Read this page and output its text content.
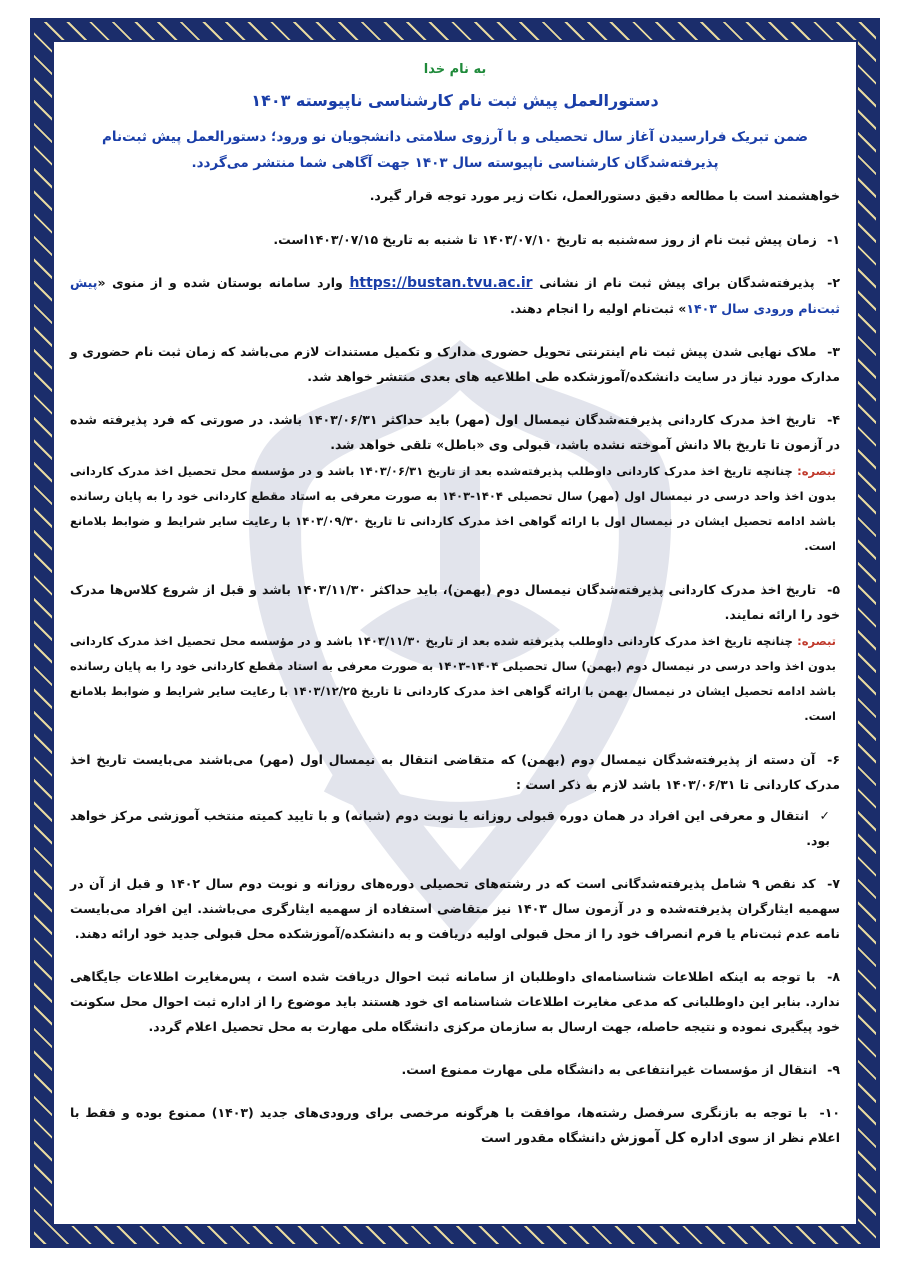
به نام خدا
دستورالعمل پیش ثبت نام کارشناسی ناپیوسته ۱۴۰۳
ضمن تبریک فرارسیدن آغاز سال تحصیلی و با آرزوی سلامتی دانشجویان نو ورود؛ دستورالعمل پیش ثبت‌نام پذیرفته‌شدگان کارشناسی ناپیوسته سال ۱۴۰۳ جهت آگاهی شما منتشر می‌گردد.
خواهشمند است با مطالعه دقیق دستورالعمل، نکات زیر مورد توجه قرار گیرد.
۱- زمان پیش ثبت نام از روز سه‌شنبه به تاریخ ۱۴۰۳/۰۷/۱۰ تا شنبه به تاریخ ۱۴۰۳/۰۷/۱۵است.
۲- پذیرفته‌شدگان برای پیش ثبت نام از نشانی https://bustan.tvu.ac.ir وارد سامانه بوستان شده و از منوی «پیش ثبت‌نام ورودی سال ۱۴۰۳» ثبت‌نام اولیه را انجام دهند.
۳- ملاک نهایی شدن پیش ثبت نام اینترنتی تحویل حضوری مدارک و تکمیل مستندات لازم می‌باشد که زمان ثبت نام حضوری و مدارک مورد نیاز در سایت دانشکده/آموزشکده طی اطلاعیه های بعدی منتشر خواهد شد.
۴- تاریخ اخذ مدرک کاردانی پذیرفته‌شدگان نیمسال اول (مهر) باید حداکثر ۱۴۰۳/۰۶/۳۱ باشد. در صورتی که فرد پذیرفته شده در آزمون تا تاریخ بالا دانش آموخته نشده باشد، قبولی وی «باطل» تلقی خواهد شد.
تبصره: چنانچه تاریخ اخذ مدرک کاردانی داوطلب پذیرفته‌شده بعد از تاریخ ۱۴۰۳/۰۶/۳۱ باشد و در مؤسسه محل تحصیل اخذ مدرک کاردانی بدون اخذ واحد درسی در نیمسال اول (مهر) سال تحصیلی ۱۴۰۴-۱۴۰۳ به صورت معرفی به استاد مقطع کاردانی خود را به پایان رسانده باشد ادامه تحصیل ایشان در نیمسال اول با ارائه گواهی اخذ مدرک کاردانی تا تاریخ ۱۴۰۳/۰۹/۳۰ با رعایت سایر شرایط و ضوابط بلامانع است.
۵- تاریخ اخذ مدرک کاردانی پذیرفته‌شدگان نیمسال دوم (بهمن)، باید حداکثر ۱۴۰۳/۱۱/۳۰ باشد و قبل از شروع کلاس‌ها مدرک خود را ارائه نمایند.
تبصره: چنانچه تاریخ اخذ مدرک کاردانی داوطلب پذیرفته شده بعد از تاریخ ۱۴۰۳/۱۱/۳۰ باشد و در مؤسسه محل تحصیل اخذ مدرک کاردانی بدون اخذ واحد درسی در نیمسال دوم (بهمن) سال تحصیلی ۱۴۰۴-۱۴۰۳ به صورت معرفی به استاد مقطع کاردانی خود را به پایان رسانده باشد ادامه تحصیل ایشان در نیمسال بهمن با ارائه گواهی اخذ مدرک کاردانی تا تاریخ ۱۴۰۳/۱۲/۲۵ با رعایت سایر شرایط و ضوابط بلامانع است.
۶- آن دسته از پذیرفته‌شدگان نیمسال دوم (بهمن) که متقاضی انتقال به نیمسال اول (مهر) می‌باشند می‌بایست تاریخ اخذ مدرک کاردانی تا ۱۴۰۳/۰۶/۳۱ باشد لازم به ذکر است :
✓ انتقال و معرفی این افراد در همان دوره قبولی روزانه یا نوبت دوم (شبانه) و با تایید کمیته منتخب آموزشی مرکز خواهد بود.
۷- کد نقص ۹ شامل پذیرفته‌شدگانی است که در رشته‌های تحصیلی دوره‌های روزانه و نوبت دوم سال ۱۴۰۲ و قبل از آن در سهمیه ایثارگران پذیرفته‌شده و در آزمون سال ۱۴۰۳ نیز متقاضی استفاده از سهمیه ایثارگری می‌باشند. این افراد می‌بایست نامه عدم ثبت‌نام یا فرم انصراف خود را از محل قبولی اولیه دریافت و به دانشکده/آموزشکده محل قبولی جدید خود ارائه دهند.
۸- با توجه به اینکه اطلاعات شناسنامه‌ای داوطلبان از سامانه ثبت احوال دریافت شده است ، پس‌مغایرت اطلاعات جایگاهی ندارد. بنابر این داوطلبانی که مدعی مغایرت اطلاعات شناسنامه ای خود هستند باید موضوع را از اداره ثبت احوال محل سکونت خود پیگیری نموده و نتیجه حاصله، جهت ارسال به سازمان مرکزی دانشگاه ملی مهارت به محل تحصیل اعلام گردد.
۹- انتقال از مؤسسات غیرانتفاعی به دانشگاه ملی مهارت ممنوع است.
۱۰- با توجه به بازنگری سرفصل رشته‌ها، موافقت با هرگونه مرخصی برای ورودی‌های جدید (۱۴۰۳) ممنوع بوده و فقط با اعلام نظر از سوی اداره کل آموزش دانشگاه مقدور است
